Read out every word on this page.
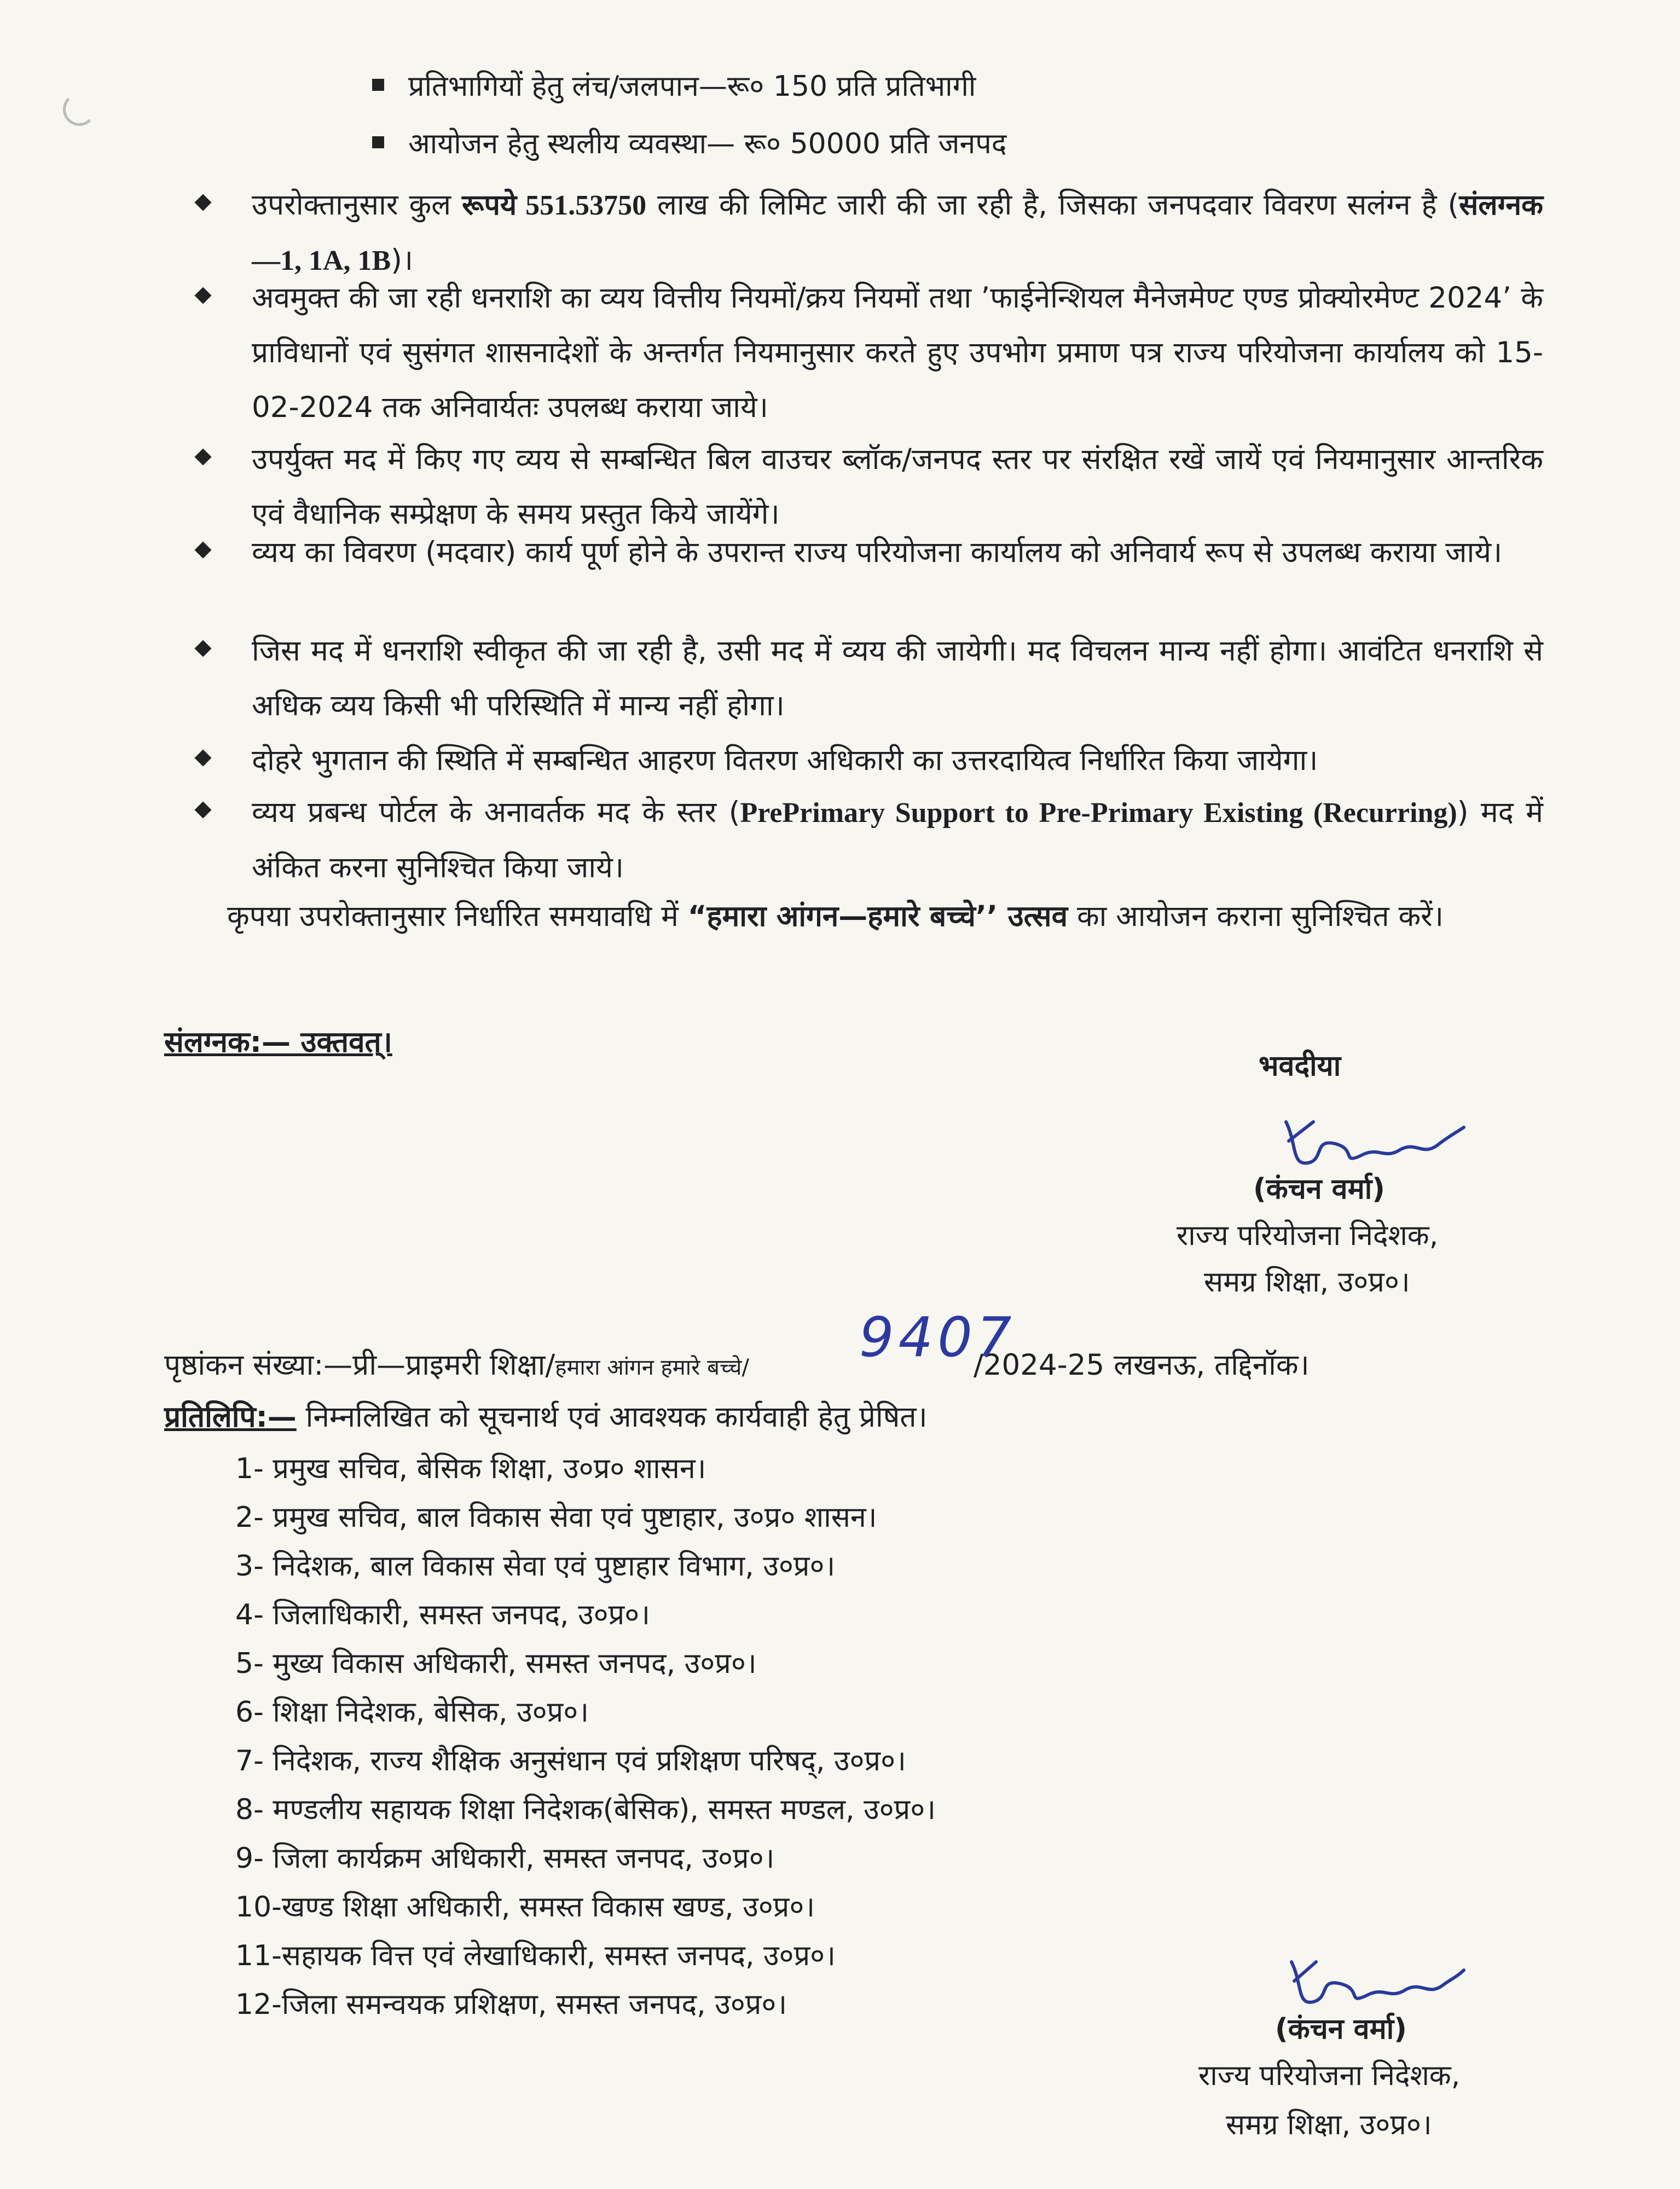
प्रतिभागियों हेतु लंच/जलपान—रू० 150 प्रति प्रतिभागी
आयोजन हेतु स्थलीय व्यवस्था— रू० 50000 प्रति जनपद
उपरोक्तानुसार कुल रूपये 551.53750 लाख की लिमिट जारी की जा रही है, जिसका जनपदवार विवरण सलंग्न है (संलग्नक—1, 1A, 1B)।
अवमुक्त की जा रही धनराशि का व्यय वित्तीय नियमों/क्रय नियमों तथा ’फाईनेन्शियल मैनेजमेण्ट एण्ड प्रोक्योरमेण्ट 2024’ के प्राविधानों एवं सुसंगत शासनादेशों के अन्तर्गत नियमानुसार करते हुए उपभोग प्रमाण पत्र राज्य परियोजना कार्यालय को 15-02-2024 तक अनिवार्यतः उपलब्ध कराया जाये।
उपर्युक्त मद में किए गए व्यय से सम्बन्धित बिल वाउचर ब्लॉक/जनपद स्तर पर संरक्षित रखें जायें एवं नियमानुसार आन्तरिक एवं वैधानिक सम्प्रेक्षण के समय प्रस्तुत किये जायेंगे।
व्यय का विवरण (मदवार) कार्य पूर्ण होने के उपरान्त राज्य परियोजना कार्यालय को अनिवार्य रूप से उपलब्ध कराया जाये।
जिस मद में धनराशि स्वीकृत की जा रही है, उसी मद में व्यय की जायेगी। मद विचलन मान्य नहीं होगा। आवंटित धनराशि से अधिक व्यय किसी भी परिस्थिति में मान्य नहीं होगा।
दोहरे भुगतान की स्थिति में सम्बन्धित आहरण वितरण अधिकारी का उत्तरदायित्व निर्धारित किया जायेगा।
व्यय प्रबन्ध पोर्टल के अनावर्तक मद के स्तर (PrePrimary Support to Pre-Primary Existing (Recurring)) मद में अंकित करना सुनिश्चित किया जाये।
कृपया उपरोक्तानुसार निर्धारित समयावधि में “हमारा आंगन—हमारे बच्चे’’ उत्सव का आयोजन कराना सुनिश्चित करें।
संलग्नक:— उक्तवत्।
भवदीया
(कंचन वर्मा)
राज्य परियोजना निदेशक,
समग्र शिक्षा, उ०प्र०।
पृष्ठांकन संख्या:—प्री—प्राइमरी शिक्षा/हमारा आंगन हमारे बच्चे/	/2024-25 लखनऊ, तद्दिनॉक।
9407
प्रतिलिपि:— निम्नलिखित को सूचनार्थ एवं आवश्यक कार्यवाही हेतु प्रेषित।
1- प्रमुख सचिव, बेसिक शिक्षा, उ०प्र० शासन।
2- प्रमुख सचिव, बाल विकास सेवा एवं पुष्टाहार, उ०प्र० शासन।
3- निदेशक, बाल विकास सेवा एवं पुष्टाहार विभाग, उ०प्र०।
4- जिलाधिकारी, समस्त जनपद, उ०प्र०।
5- मुख्य विकास अधिकारी, समस्त जनपद, उ०प्र०।
6- शिक्षा निदेशक, बेसिक, उ०प्र०।
7- निदेशक, राज्य शैक्षिक अनुसंधान एवं प्रशिक्षण परिषद्, उ०प्र०।
8- मण्डलीय सहायक शिक्षा निदेशक(बेसिक), समस्त मण्डल, उ०प्र०।
9- जिला कार्यक्रम अधिकारी, समस्त जनपद, उ०प्र०।
10-खण्ड शिक्षा अधिकारी, समस्त विकास खण्ड, उ०प्र०।
11-सहायक वित्त एवं लेखाधिकारी, समस्त जनपद, उ०प्र०।
12-जिला समन्वयक प्रशिक्षण, समस्त जनपद, उ०प्र०।
(कंचन वर्मा)
राज्य परियोजना निदेशक,
समग्र शिक्षा, उ०प्र०।
